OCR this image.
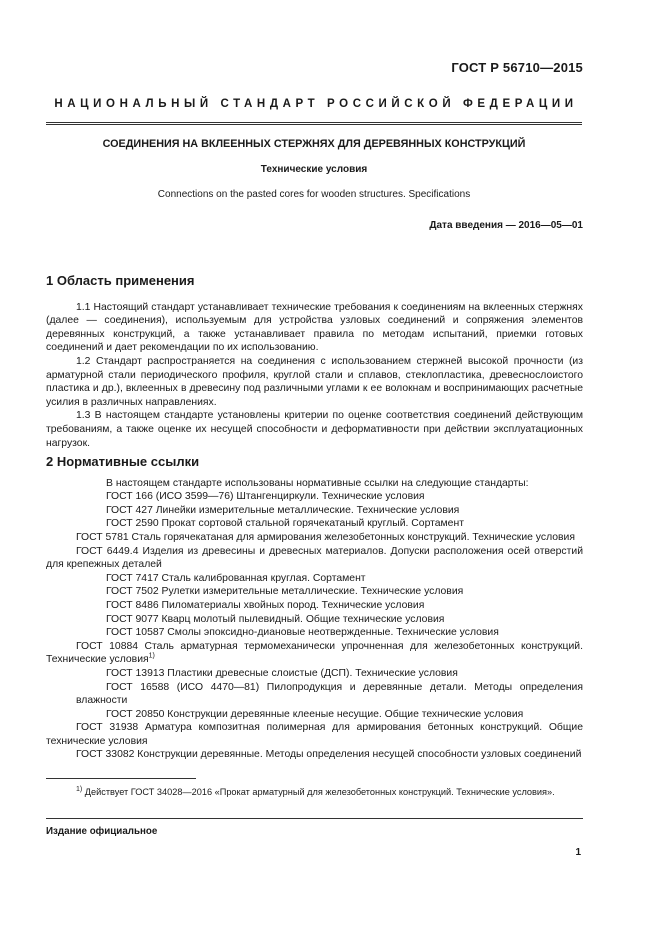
ГОСТ Р 56710—2015
НАЦИОНАЛЬНЫЙ СТАНДАРТ РОССИЙСКОЙ ФЕДЕРАЦИИ
СОЕДИНЕНИЯ НА ВКЛЕЕННЫХ СТЕРЖНЯХ ДЛЯ ДЕРЕВЯННЫХ КОНСТРУКЦИЙ
Технические условия
Connections on the pasted cores for wooden structures. Specifications
Дата введения — 2016—05—01
1 Область применения

1.1 Настоящий стандарт устанавливает технические требования к соединениям на вклеенных стержнях (далее — соединения), используемым для устройства узловых соединений и сопряжения элементов деревянных конструкций, а также устанавливает правила по методам испытаний, приемки готовых соединений и дает рекомендации по их использованию.

1.2 Стандарт распространяется на соединения с использованием стержней высокой прочности (из арматурной стали периодического профиля, круглой стали и сплавов, стеклопластика, древеснослоистого пластика и др.), вклеенных в древесину под различными углами к ее волокнам и воспринимающих расчетные усилия в различных направлениях.

1.3 В настоящем стандарте установлены критерии по оценке соответствия соединений действующим требованиям, а также оценке их несущей способности и деформативности при действии эксплуатационных нагрузок.

2 Нормативные ссылки

В настоящем стандарте использованы нормативные ссылки на следующие стандарты:

ГОСТ 166 (ИСО 3599—76) Штангенциркули. Технические условия

ГОСТ 427 Линейки измерительные металлические. Технические условия

ГОСТ 2590 Прокат сортовой стальной горячекатаный круглый. Сортамент

ГОСТ 5781 Сталь горячекатаная для армирования железобетонных конструкций. Технические условия

ГОСТ 6449.4 Изделия из древесины и древесных материалов. Допуски расположения осей отверстий для крепежных деталей

ГОСТ 7417 Сталь калиброванная круглая. Сортамент

ГОСТ 7502 Рулетки измерительные металлические. Технические условия

ГОСТ 8486 Пиломатериалы хвойных пород. Технические условия

ГОСТ 9077 Кварц молотый пылевидный. Общие технические условия

ГОСТ 10587 Смолы эпоксидно-диановые неотвержденные. Технические условия

ГОСТ 10884 Сталь арматурная термомеханически упрочненная для железобетонных конструкций. Технические условия$^{1)}$

ГОСТ 13913 Пластики древесные слоистые (ДСП). Технические условия

ГОСТ 16588 (ИСО 4470—81) Пилопродукция и деревянные детали. Методы определения влажности

ГОСТ 20850 Конструкции деревянные клееные несущие. Общие технические условия

ГОСТ 31938 Арматура композитная полимерная для армирования бетонных конструкций. Общие технические условия

ГОСТ 33082 Конструкции деревянные. Методы определения несущей способности узловых соединений

$^{1)}$ Действует ГОСТ 34028—2016 «Прокат арматурный для железобетонных конструкций. Технические условия».
Издание официальное
1
